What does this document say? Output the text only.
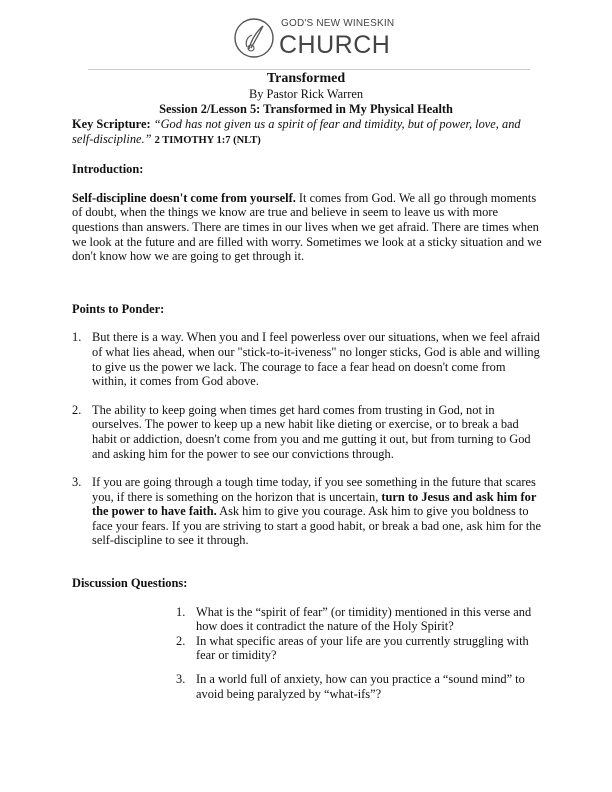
GOD'S NEW WINESKIN
CHURCH
Transformed
By Pastor Rick Warren
Session 2/Lesson 5: Transformed in My Physical Health

Key Scripture: “God has not given us a spirit of fear and timidity, but of power, love, and self-discipline.” 2 TIMOTHY 1:7 (NLT)

Introduction:

Self-discipline doesn't come from yourself. It comes from God. We all go through moments of doubt, when the things we know are true and believe in seem to leave us with more questions than answers. There are times in our lives when we get afraid. There are times when we look at the future and are filled with worry. Sometimes we look at a sticky situation and we don't know how we are going to get through it.

Points to Ponder:
1. But there is a way. When you and I feel powerless over our situations, when we feel afraid of what lies ahead, when our "stick-to-it-iveness" no longer sticks, God is able and willing to give us the power we lack. The courage to face a fear head on doesn't come from within, it comes from God above.

2. The ability to keep going when times get hard comes from trusting in God, not in ourselves. The power to keep up a new habit like dieting or exercise, or to break a bad habit or addiction, doesn't come from you and me gutting it out, but from turning to God and asking him for the power to see our convictions through.

3. If you are going through a tough time today, if you see something in the future that scares you, if there is something on the horizon that is uncertain, turn to Jesus and ask him for the power to have faith. Ask him to give you courage. Ask him to give you boldness to face your fears. If you are striving to start a good habit, or break a bad one, ask him for the self-discipline to see it through.

Discussion Questions:
1. What is the “spirit of fear” (or timidity) mentioned in this verse and how does it contradict the nature of the Holy Spirit?

2. In what specific areas of your life are you currently struggling with fear or timidity?

3. In a world full of anxiety, how can you practice a “sound mind” to avoid being paralyzed by “what-ifs”?
